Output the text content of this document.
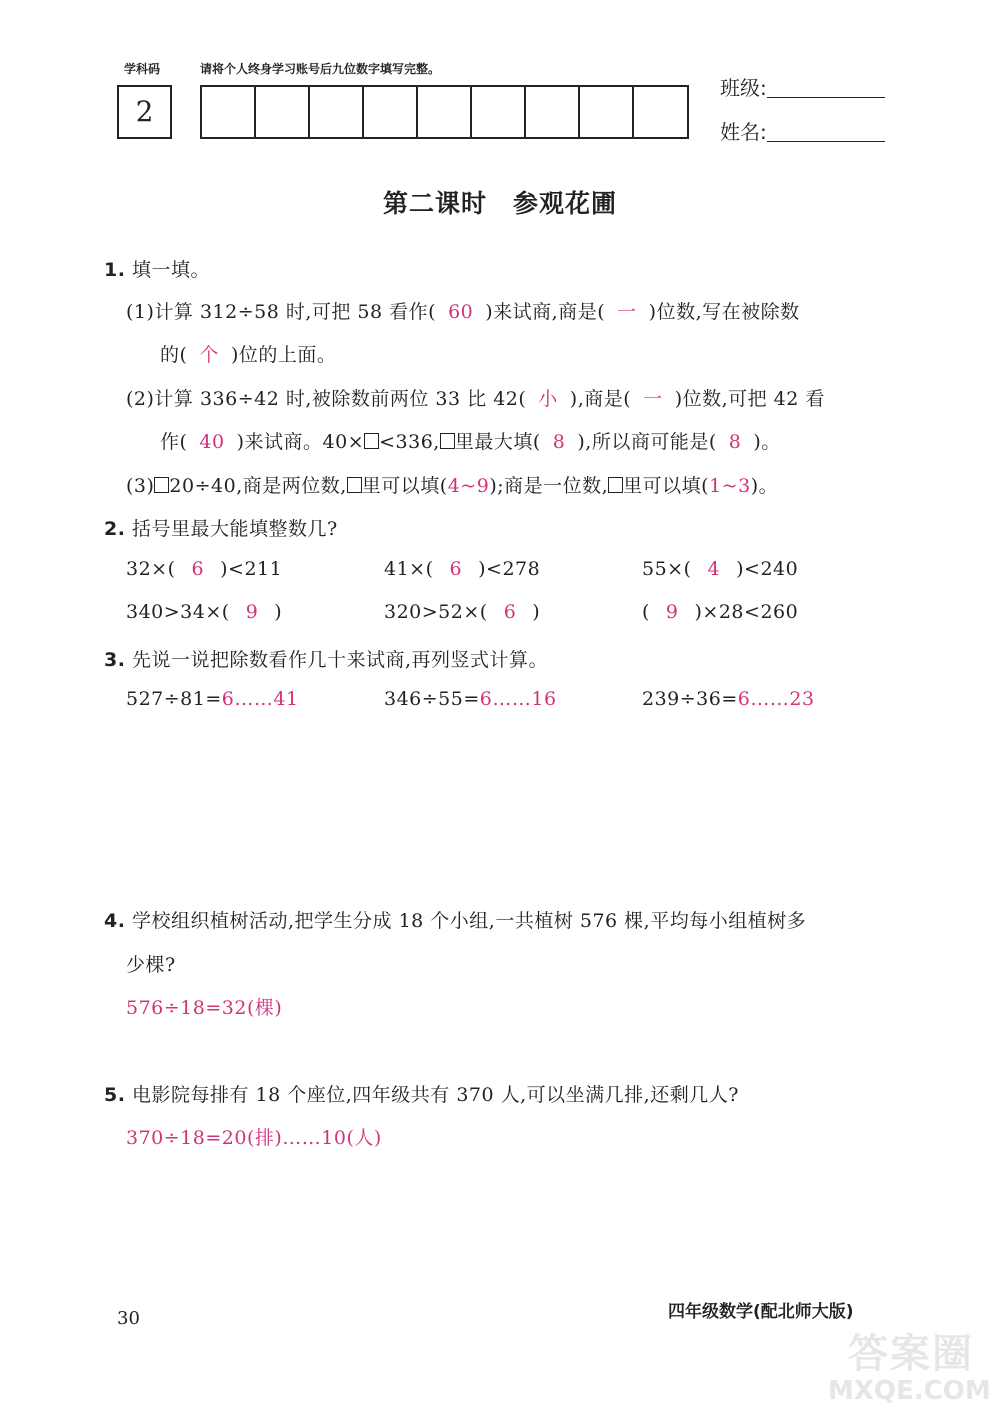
学科码	请将个人终身学习账号后九位数字填写完整。
2
班级:
姓名:
第二课时　参观花圃
1. 填一填。
(1)计算 312÷58 时,可把 58 看作( 60 )来试商,商是( 一 )位数,写在被除数
的( 个 )位的上面。
(2)计算 336÷42 时,被除数前两位 33 比 42( 小 ),商是( 一 )位数,可把 42 看
作( 40 )来试商。40× <336, 里最大填( 8 ),所以商可能是( 8 )。
(3) 20÷40,商是两位数, 里可以填(4~9);商是一位数, 里可以填(1~3)。
2. 括号里最大能填整数几?
32×( 6 )<211	41×( 6 )<278	55×( 4 )<240
340>34×( 9 )	320>52×( 6 )	( 9 )×28<260
3. 先说一说把除数看作几十来试商,再列竖式计算。
527÷81=6……41	346÷55=6……16	239÷36=6……23
4. 学校组织植树活动,把学生分成 18 个小组,一共植树 576 棵,平均每小组植树多
少棵?
576÷18=32(棵)
5. 电影院每排有 18 个座位,四年级共有 370 人,可以坐满几排,还剩几人?
370÷18=20(排)……10(人)
30	四年级数学(配北师大版)
答案圈
MXQE.COM
